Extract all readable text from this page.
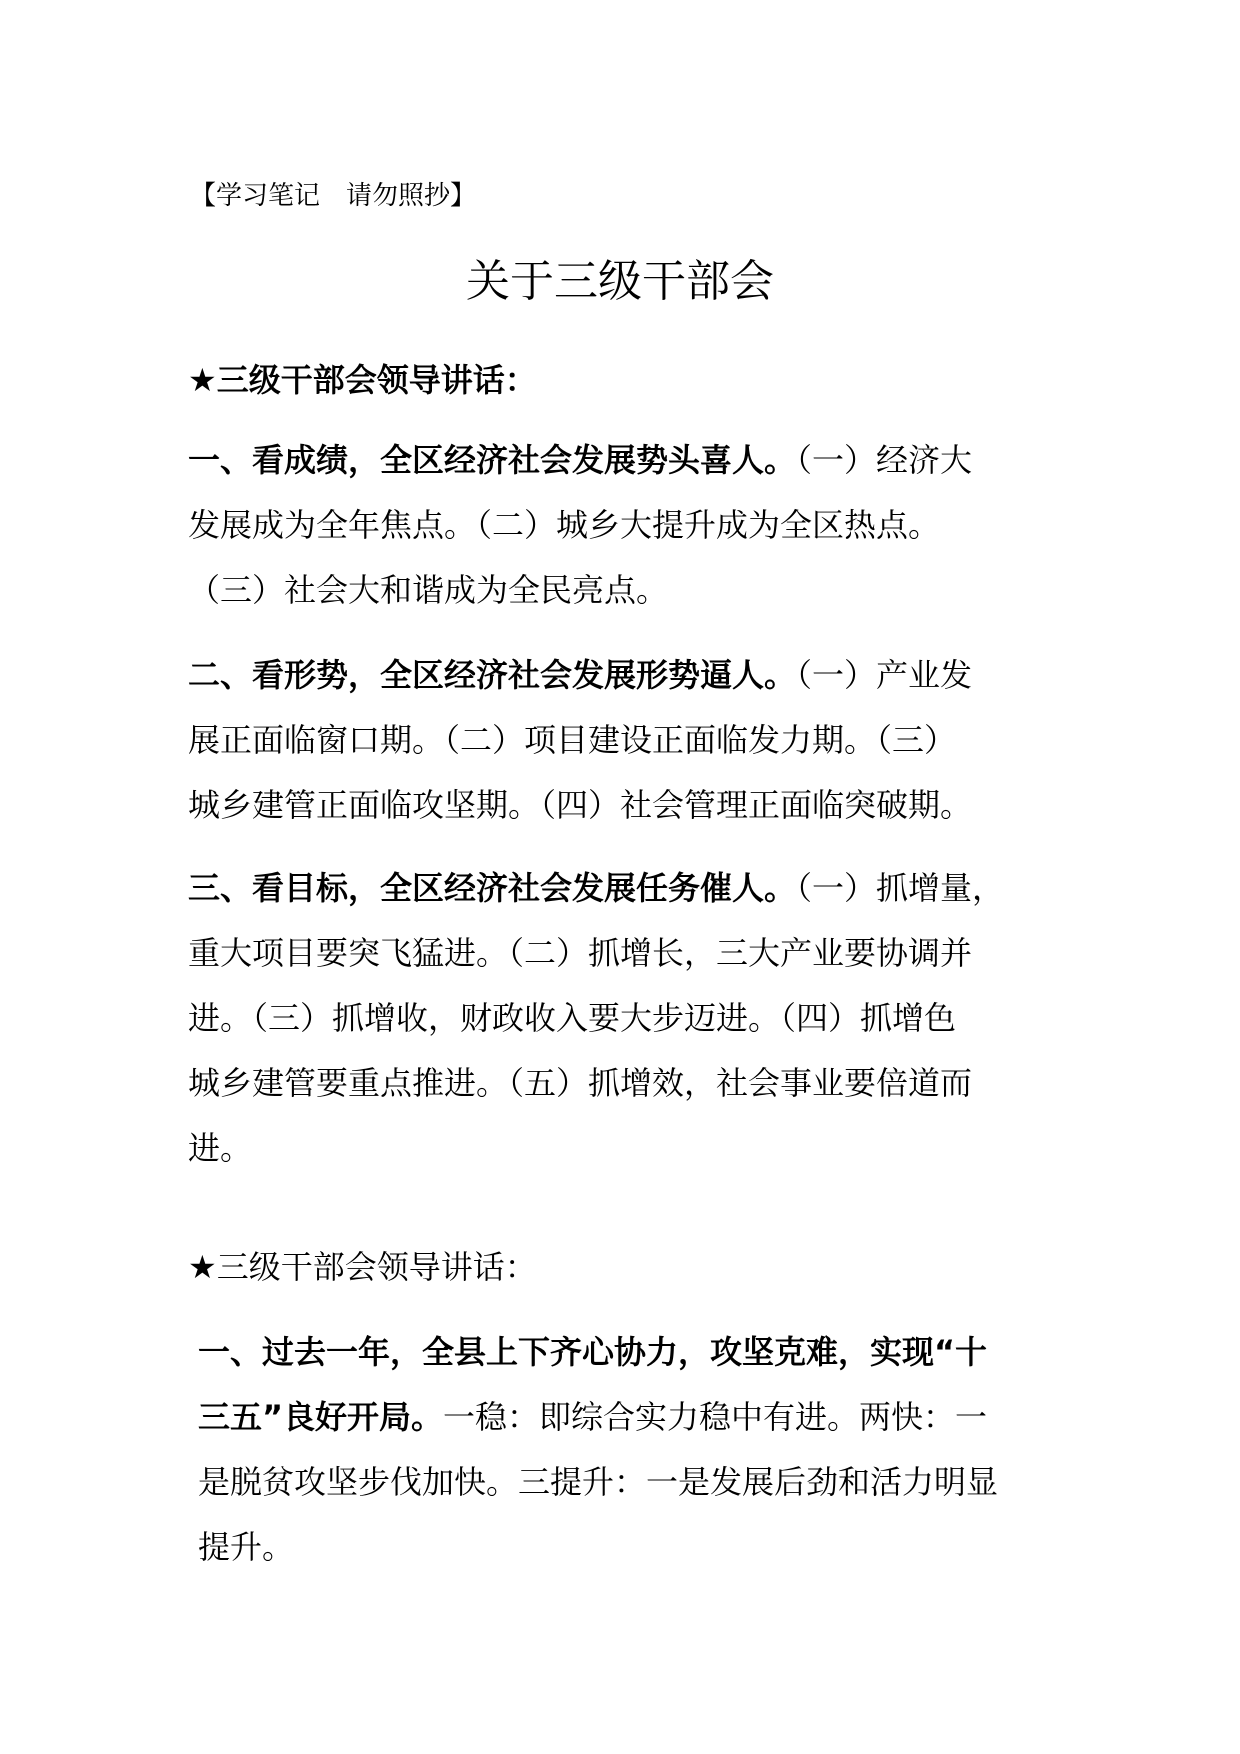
【学习笔记　请勿照抄】
关于三级干部会
★三级干部会领导讲话：
一、看成绩，全区经济社会发展势头喜人。（一）经济大
发展成为全年焦点。（二）城乡大提升成为全区热点。
（三）社会大和谐成为全民亮点。
二、看形势，全区经济社会发展形势逼人。（一）产业发
展正面临窗口期。（二）项目建设正面临发力期。（三）
城乡建管正面临攻坚期。（四）社会管理正面临突破期。
三、看目标，全区经济社会发展任务催人。（一）抓增量，
重大项目要突飞猛进。（二）抓增长，三大产业要协调并
进。（三）抓增收，财政收入要大步迈进。（四）抓增色
城乡建管要重点推进。（五）抓增效，社会事业要倍道而
进。
★三级干部会领导讲话：
一、过去一年，全县上下齐心协力，攻坚克难，实现“十
三五”良好开局。一稳：即综合实力稳中有进。两快：一
是脱贫攻坚步伐加快。三提升：一是发展后劲和活力明显
提升。
